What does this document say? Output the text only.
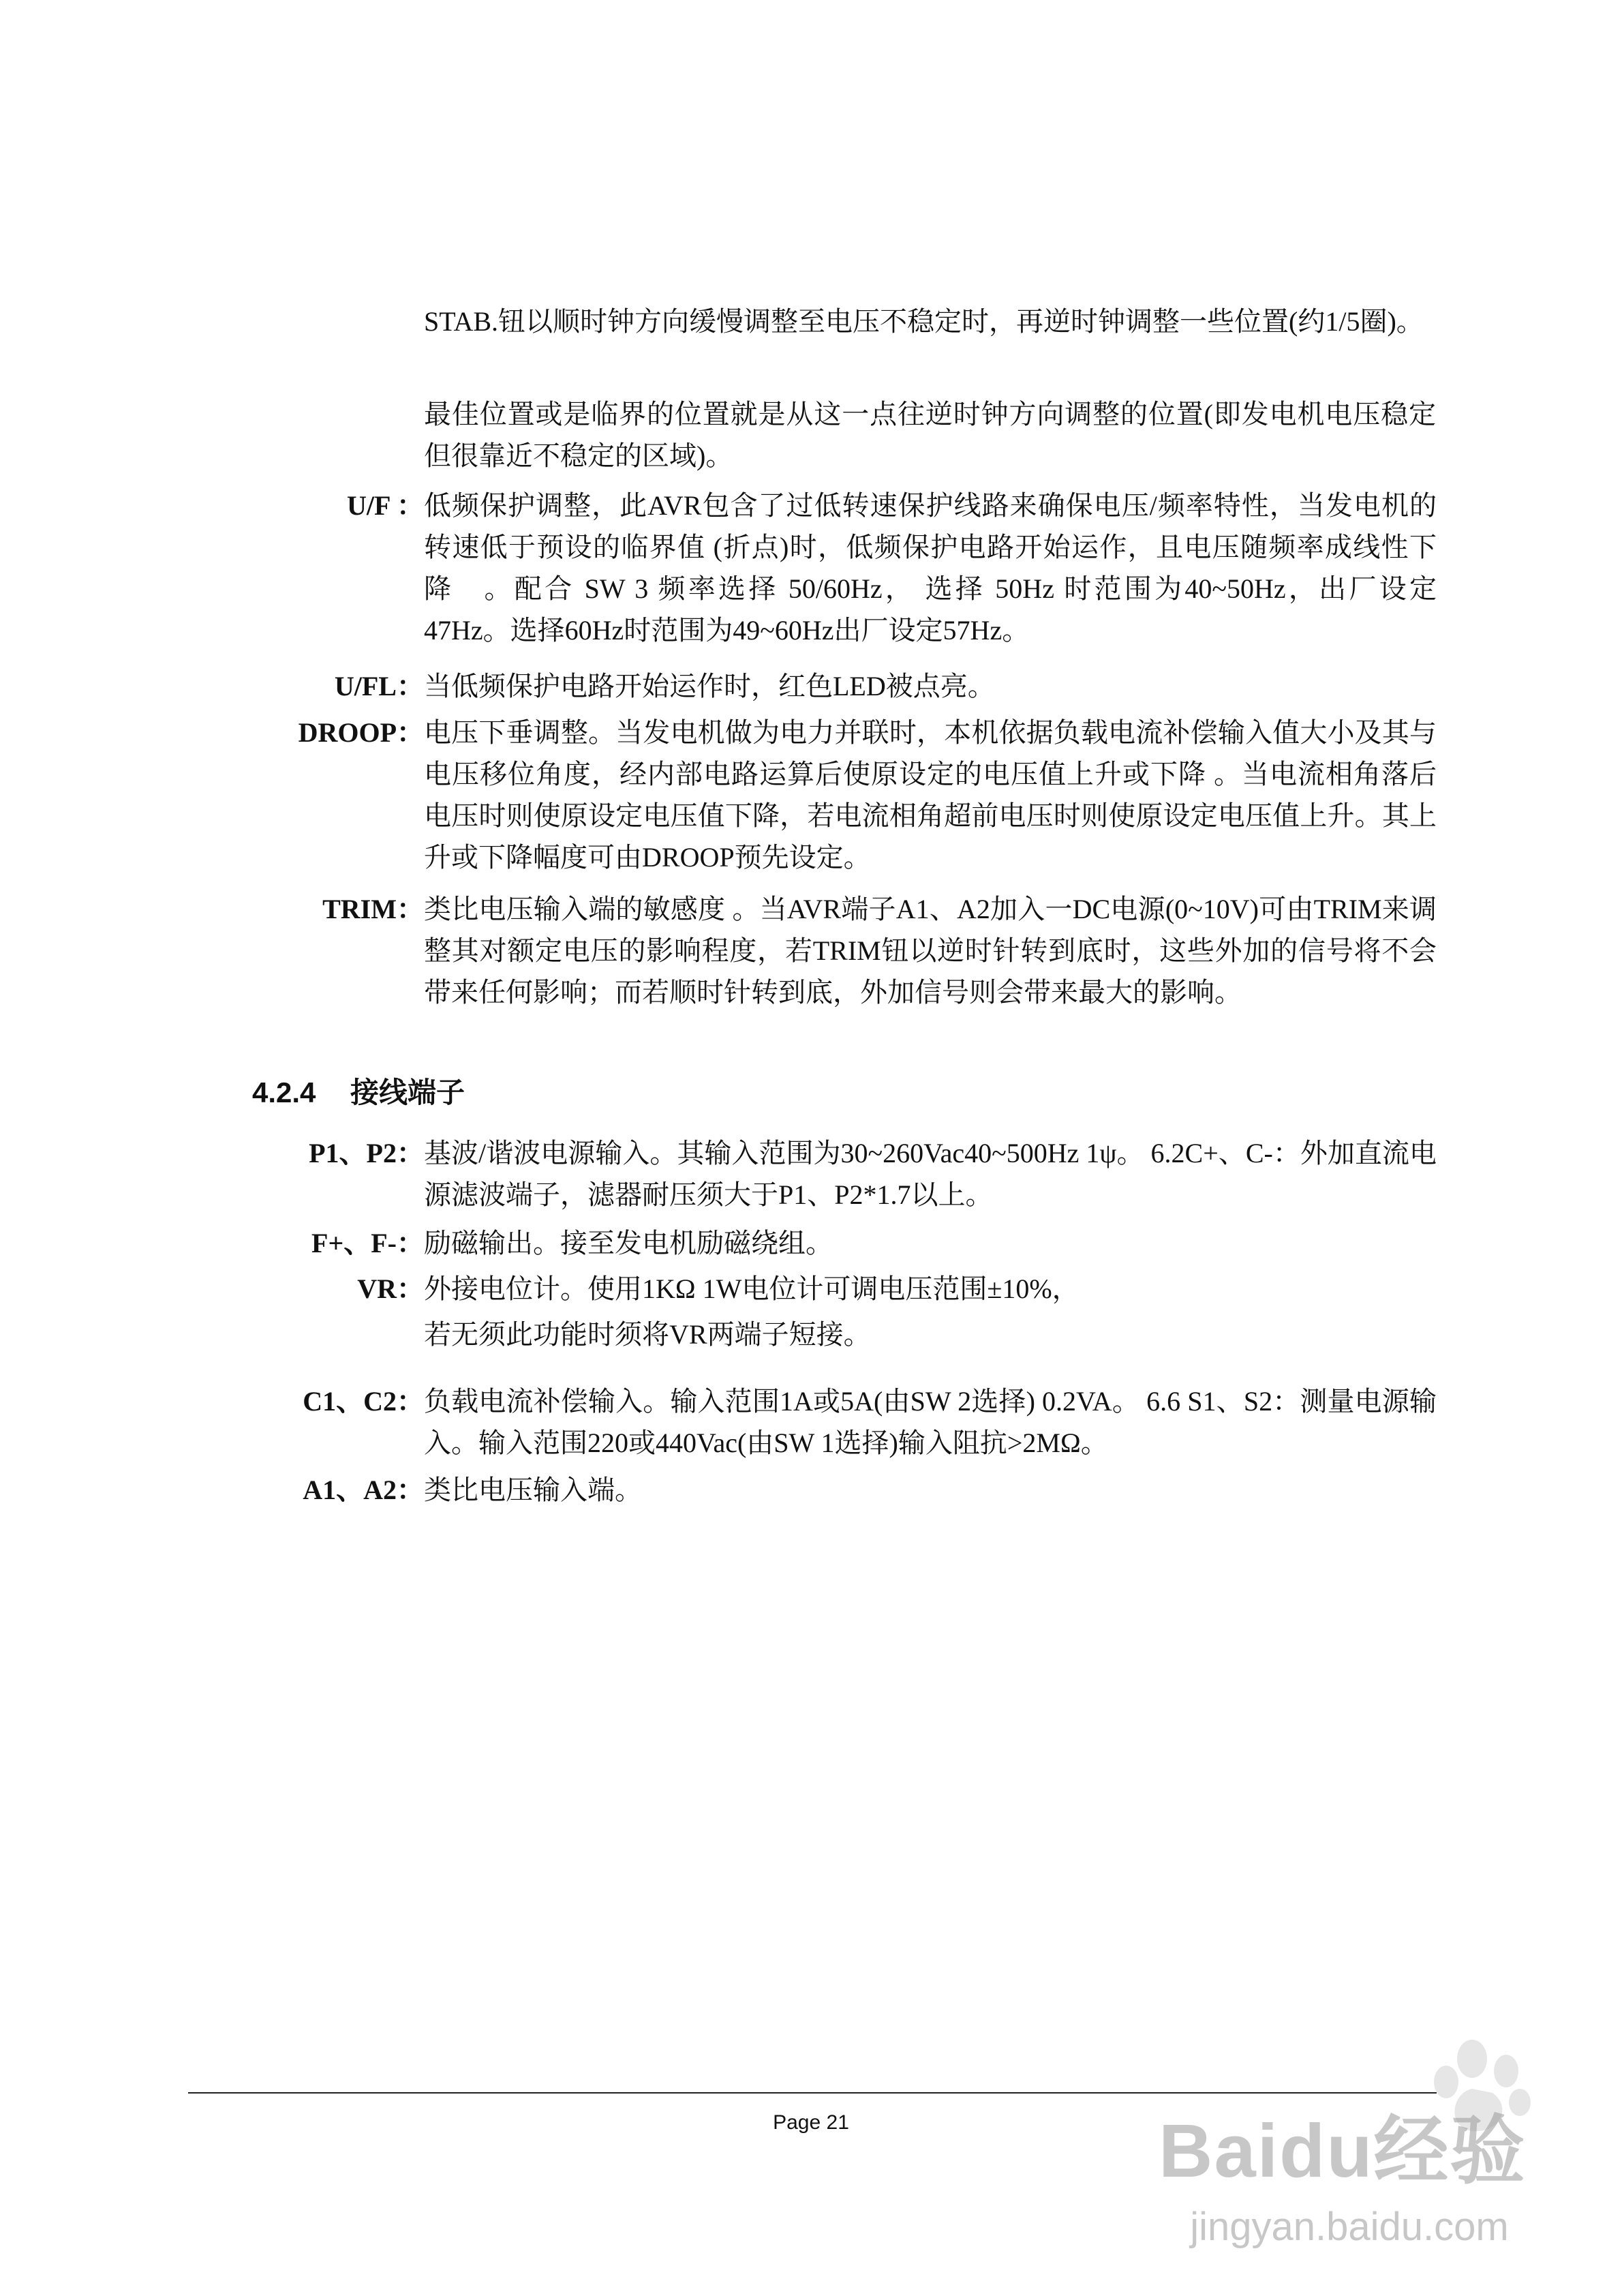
STAB.钮以顺时钟方向缓慢调整至电压不稳定时，再逆时钟调整一些位置(约1/5圈)。

最佳位置或是临界的位置就是从这一点往逆时钟方向调整的位置(即发电机电压稳定但很靠近不稳定的区域)。

U/F ： 低频保护调整，此AVR包含了过低转速保护线路来确保电压/频率特性，当发电机的转速低于预设的临界值 (折点)时，低频保护电路开始运作，且电压随频率成线性下降　。配合 SW 3 频率选择 50/60Hz， 选择 50Hz 时范围为40~50Hz，出厂设定47Hz。选择60Hz时范围为49~60Hz出厂设定57Hz。
U/FL： 当低频保护电路开始运作时，红色LED被点亮。
DROOP： 电压下垂调整。当发电机做为电力并联时，本机依据负载电流补偿输入值大小及其与电压移位角度，经内部电路运算后使原设定的电压值上升或下降 。当电流相角落后电压时则使原设定电压值下降，若电流相角超前电压时则使原设定电压值上升。其上升或下降幅度可由DROOP预先设定。
TRIM： 类比电压输入端的敏感度 。当AVR端子A1、A2加入一DC电源(0~10V)可由TRIM来调整其对额定电压的影响程度，若TRIM钮以逆时针转到底时，这些外加的信号将不会带来任何影响；而若顺时针转到底，外加信号则会带来最大的影响。
4.2.4 接线端子
P1、P2： 基波/谐波电源输入。其输入范围为30~260Vac40~500Hz 1ψ。 6.2C+、C-：外加直流电源滤波端子，滤器耐压须大于P1、P2*1.7以上。
F+、F-： 励磁输出。接至发电机励磁绕组。
VR： 外接电位计。使用1KΩ 1W电位计可调电压范围±10%，
若无须此功能时须将VR两端子短接。
C1、C2： 负载电流补偿输入。输入范围1A或5A(由SW 2选择) 0.2VA。 6.6 S1、S2：测量电源输入。输入范围220或440Vac(由SW 1选择)输入阻抗>2MΩ。
A1、A2： 类比电压输入端。
Page 21	Baidu经验
jingyan.baidu.com
